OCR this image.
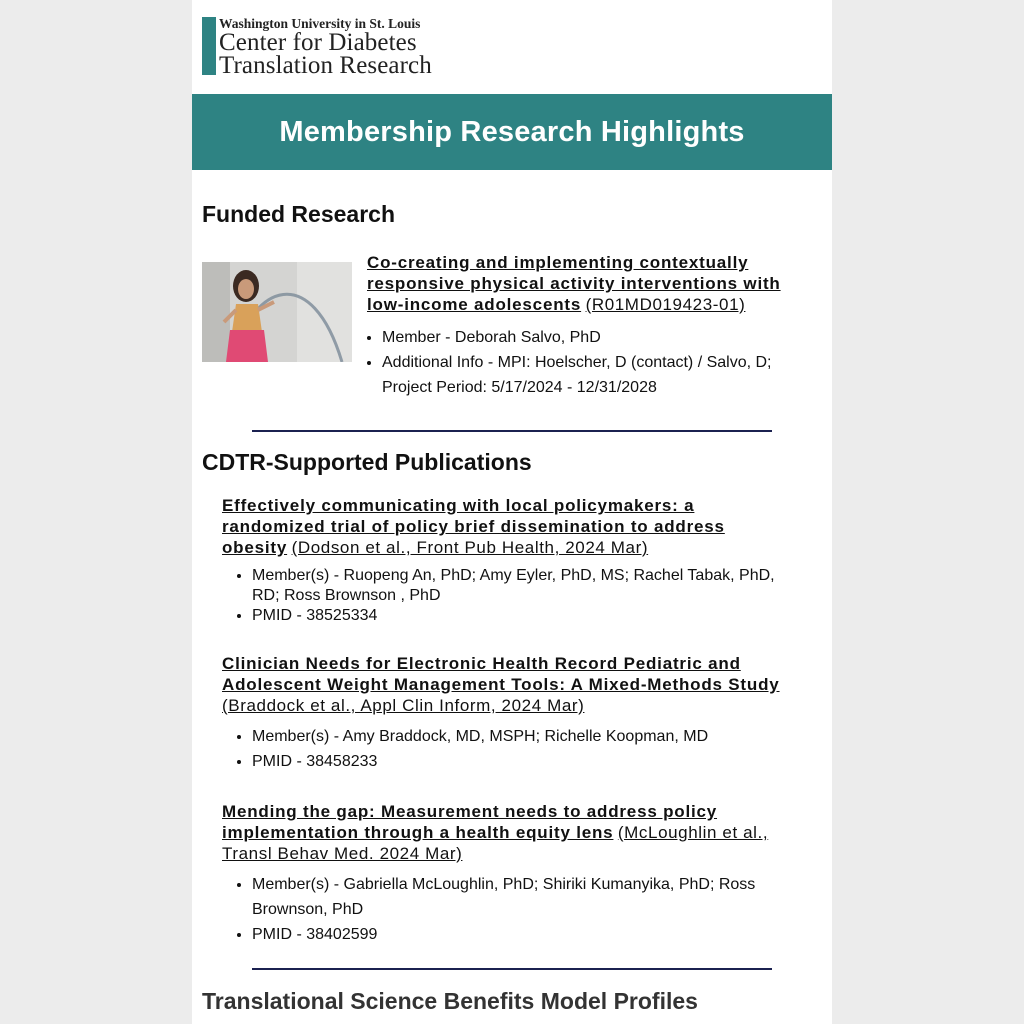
Washington University in St. Louis
Center for Diabetes
Translation Research
Membership Research Highlights
Funded Research
Co-creating and implementing contextually responsive physical activity interventions with low-income adolescents (R01MD019423-01)
• Member - Deborah Salvo, PhD
• Additional Info - MPI: Hoelscher, D (contact) / Salvo, D; Project Period: 5/17/2024 - 12/31/2028
CDTR-Supported Publications
Effectively communicating with local policymakers: a randomized trial of policy brief dissemination to address obesity (Dodson et al., Front Pub Health, 2024 Mar)
• Member(s) - Ruopeng An, PhD; Amy Eyler, PhD, MS; Rachel Tabak, PhD, RD; Ross Brownson , PhD
• PMID - 38525334
Clinician Needs for Electronic Health Record Pediatric and Adolescent Weight Management Tools: A Mixed-Methods Study (Braddock et al., Appl Clin Inform, 2024 Mar)
• Member(s) - Amy Braddock, MD, MSPH; Richelle Koopman, MD
• PMID - 38458233
Mending the gap: Measurement needs to address policy implementation through a health equity lens (McLoughlin et al., Transl Behav Med. 2024 Mar)
• Member(s) - Gabriella McLoughlin, PhD; Shiriki Kumanyika, PhD; Ross Brownson, PhD
• PMID - 38402599
Translational Science Benefits Model Profiles
